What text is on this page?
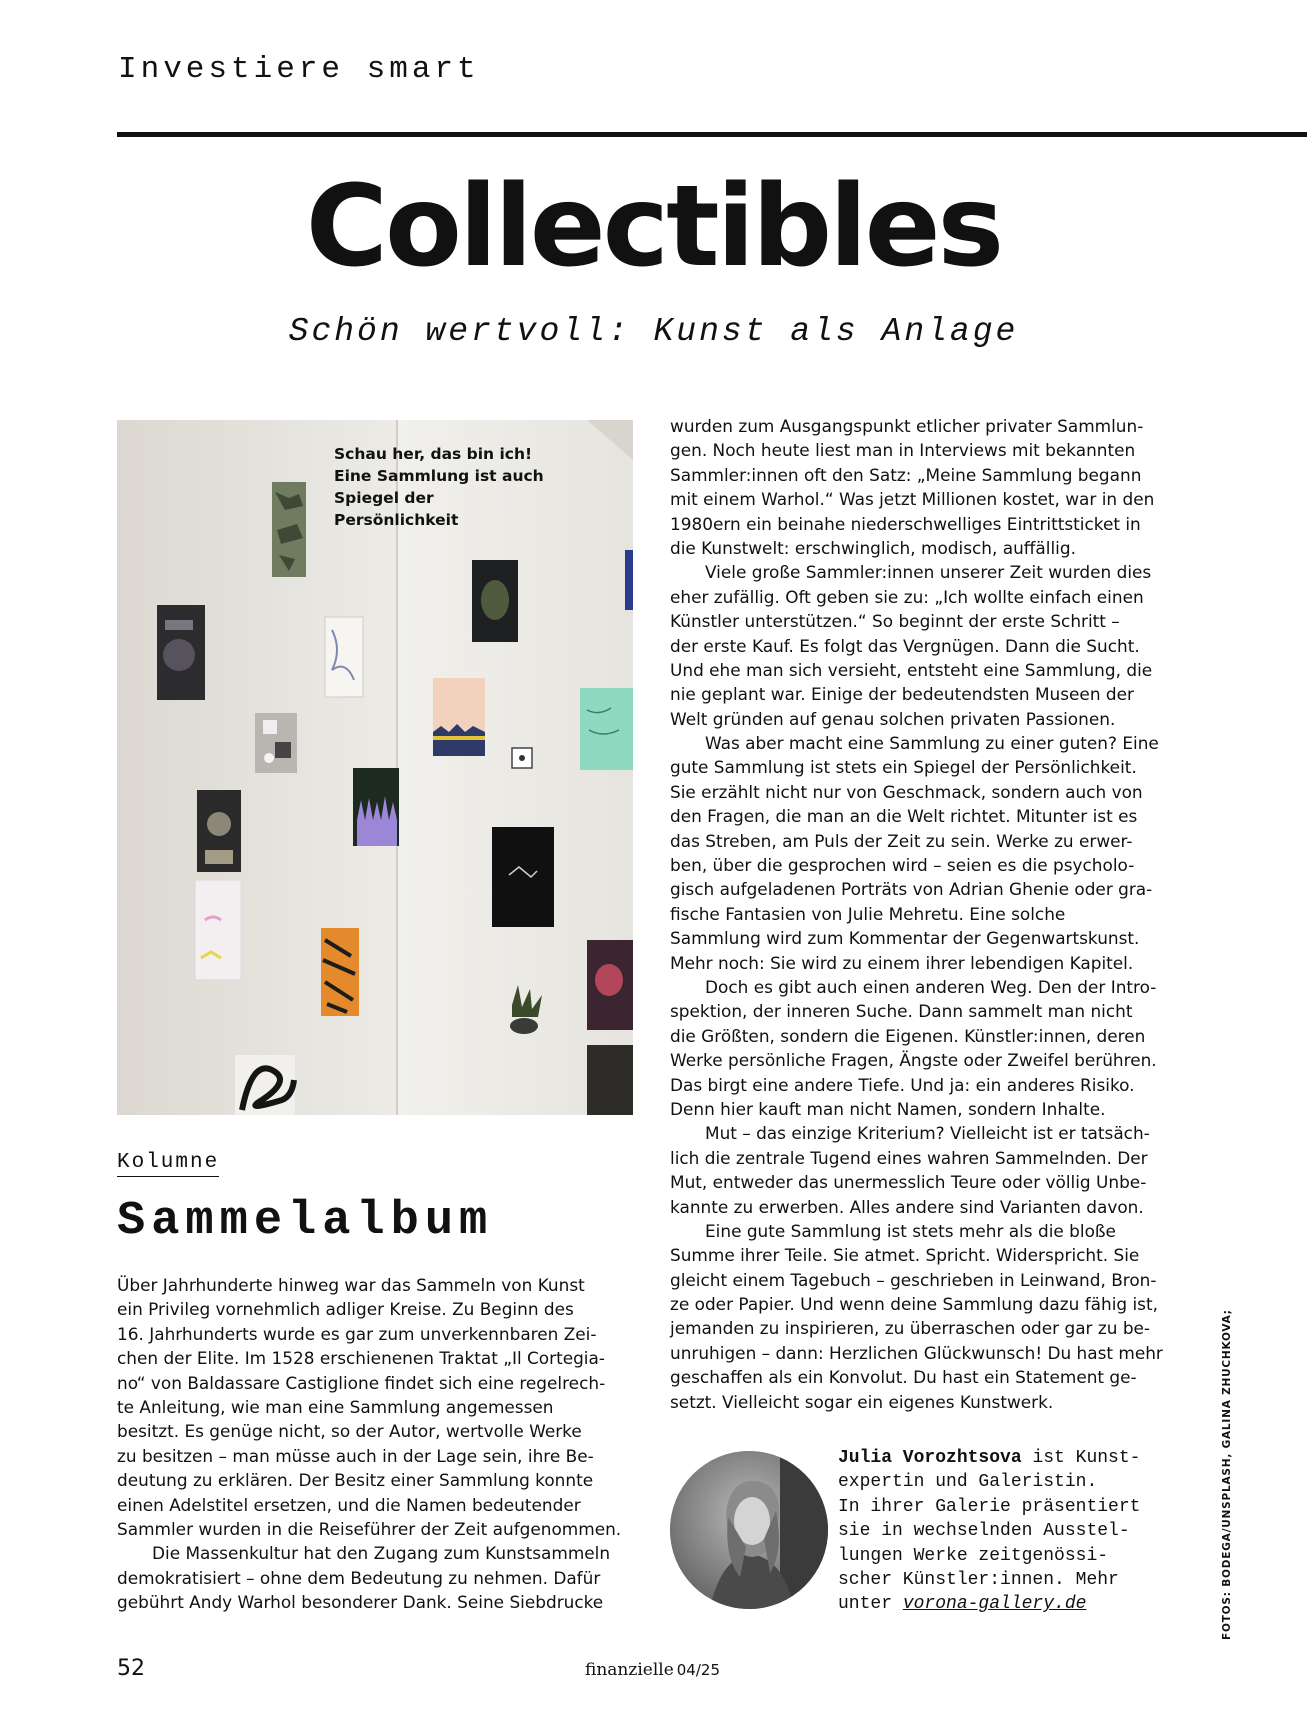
Investiere smart
Collectibles
Schön wertvoll: Kunst als Anlage
Schau her, das bin ich! Eine Sammlung ist auch Spiegel der Persönlichkeit
Kolumne
Sammelalbum
Über Jahrhunderte hinweg war das Sammeln von Kunst
ein Privileg vornehmlich adliger Kreise. Zu Beginn des
16. Jahrhunderts wurde es gar zum unverkennbaren Zei-
chen der Elite. Im 1528 erschienenen Traktat „Il Cortegia-
no“ von Baldassare Castiglione findet sich eine regelrech-
te Anleitung, wie man eine Sammlung angemessen
besitzt. Es genüge nicht, so der Autor, wertvolle Werke
zu besitzen – man müsse auch in der Lage sein, ihre Be-
deutung zu erklären. Der Besitz einer Sammlung konnte
einen Adelstitel ersetzen, und die Namen bedeutender
Sammler wurden in die Reiseführer der Zeit aufgenommen.
Die Massenkultur hat den Zugang zum Kunstsammeln
demokratisiert – ohne dem Bedeutung zu nehmen. Dafür
gebührt Andy Warhol besonderer Dank. Seine Siebdrucke
wurden zum Ausgangspunkt etlicher privater Sammlun-
gen. Noch heute liest man in Interviews mit bekannten
Sammler:innen oft den Satz: „Meine Sammlung begann
mit einem Warhol.“ Was jetzt Millionen kostet, war in den
1980ern ein beinahe niederschwelliges Eintrittsticket in
die Kunstwelt: erschwinglich, modisch, auffällig.
Viele große Sammler:innen unserer Zeit wurden dies
eher zufällig. Oft geben sie zu: „Ich wollte einfach einen
Künstler unterstützen.“ So beginnt der erste Schritt –
der erste Kauf. Es folgt das Vergnügen. Dann die Sucht.
Und ehe man sich versieht, entsteht eine Sammlung, die
nie geplant war. Einige der bedeutendsten Museen der
Welt gründen auf genau solchen privaten Passionen.
Was aber macht eine Sammlung zu einer guten? Eine
gute Sammlung ist stets ein Spiegel der Persönlichkeit.
Sie erzählt nicht nur von Geschmack, sondern auch von
den Fragen, die man an die Welt richtet. Mitunter ist es
das Streben, am Puls der Zeit zu sein. Werke zu erwer-
ben, über die gesprochen wird – seien es die psycholo-
gisch aufgeladenen Porträts von Adrian Ghenie oder gra-
fische Fantasien von Julie Mehretu. Eine solche
Sammlung wird zum Kommentar der Gegenwartskunst.
Mehr noch: Sie wird zu einem ihrer lebendigen Kapitel.
Doch es gibt auch einen anderen Weg. Den der Intro-
spektion, der inneren Suche. Dann sammelt man nicht
die Größten, sondern die Eigenen. Künstler:innen, deren
Werke persönliche Fragen, Ängste oder Zweifel berühren.
Das birgt eine andere Tiefe. Und ja: ein anderes Risiko.
Denn hier kauft man nicht Namen, sondern Inhalte.
Mut – das einzige Kriterium? Vielleicht ist er tatsäch-
lich die zentrale Tugend eines wahren Sammelnden. Der
Mut, entweder das unermesslich Teure oder völlig Unbe-
kannte zu erwerben. Alles andere sind Varianten davon.
Eine gute Sammlung ist stets mehr als die bloße
Summe ihrer Teile. Sie atmet. Spricht. Widerspricht. Sie
gleicht einem Tagebuch – geschrieben in Leinwand, Bron-
ze oder Papier. Und wenn deine Sammlung dazu fähig ist,
jemanden zu inspirieren, zu überraschen oder gar zu be-
unruhigen – dann: Herzlichen Glückwunsch! Du hast mehr
geschaffen als ein Konvolut. Du hast ein Statement ge-
setzt. Vielleicht sogar ein eigenes Kunstwerk.
Julia Vorozhtsova ist Kunst-
expertin und Galeristin.
In ihrer Galerie präsentiert
sie in wechselnden Ausstel-
lungen Werke zeitgenössi-
scher Künstler:innen. Mehr
unter vorona-gallery.de	FOTOS: BODEGA/UNSPLASH, GALINA ZHUCHKOVA;
52	finanzielle 04/25
